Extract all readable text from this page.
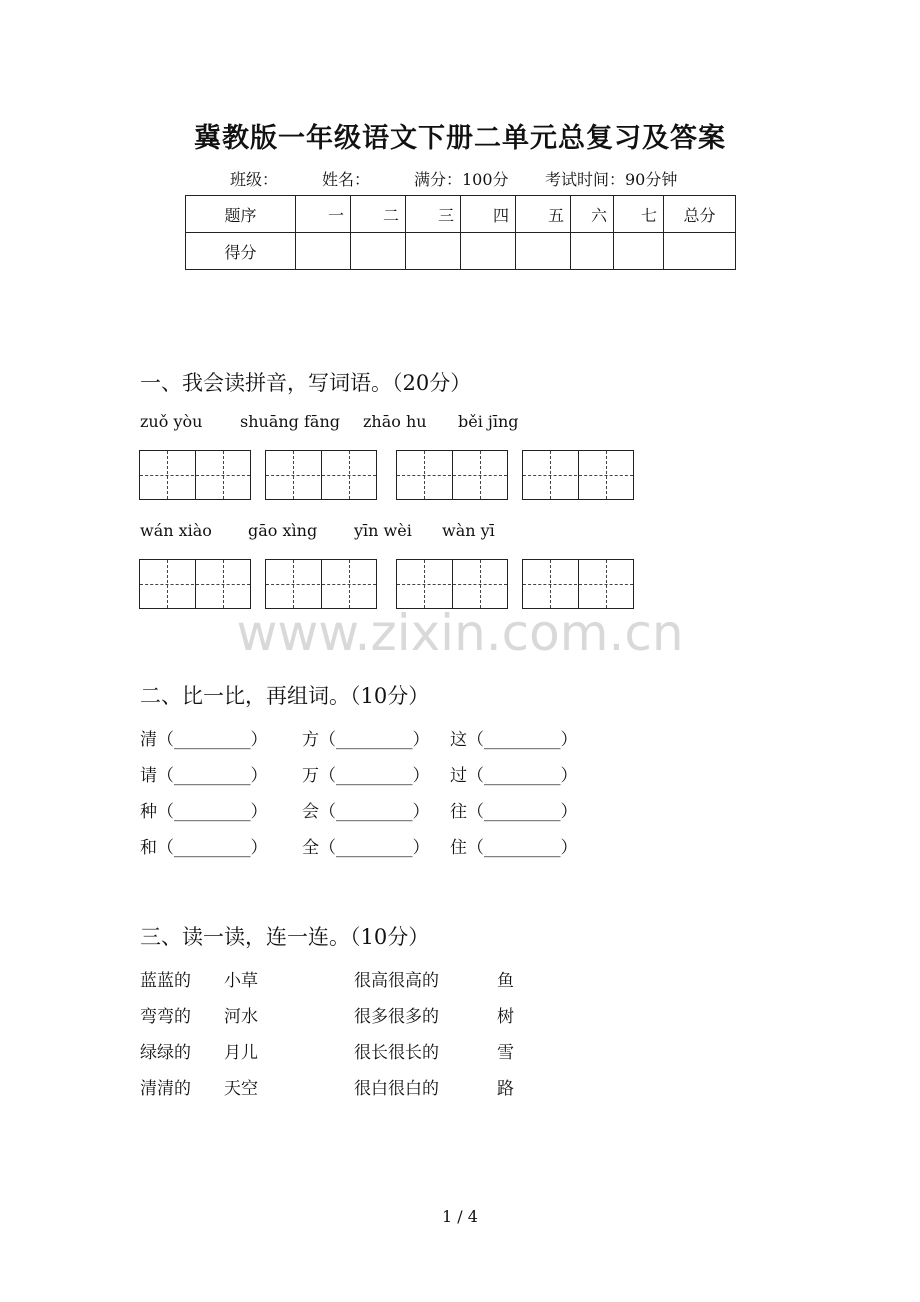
冀教版一年级语文下册二单元总复习及答案
班级：	姓名：	满分：100分 考试时间：90分钟
题序	一	二	三	四	五	六	七	总分
得分								
一、我会读拼音，写词语。（20分）
zuǒ yòu shuāng fāng zhāo hu běi jīng
wán xiào gāo xìng yīn wèi wàn yī
www.zixin.com.cn
二、比一比，再组词。（10分）
清（_________） 方（_________） 这（_________）
请（_________） 万（_________） 过（_________）
种（_________） 会（_________） 往（_________）
和（_________） 全（_________） 住（_________）
三、读一读，连一连。（10分）
蓝蓝的 小草	很高很高的	鱼
弯弯的 河水	很多很多的	树
绿绿的 月儿	很长很长的	雪
清清的 天空	很白很白的	路
1 / 4
